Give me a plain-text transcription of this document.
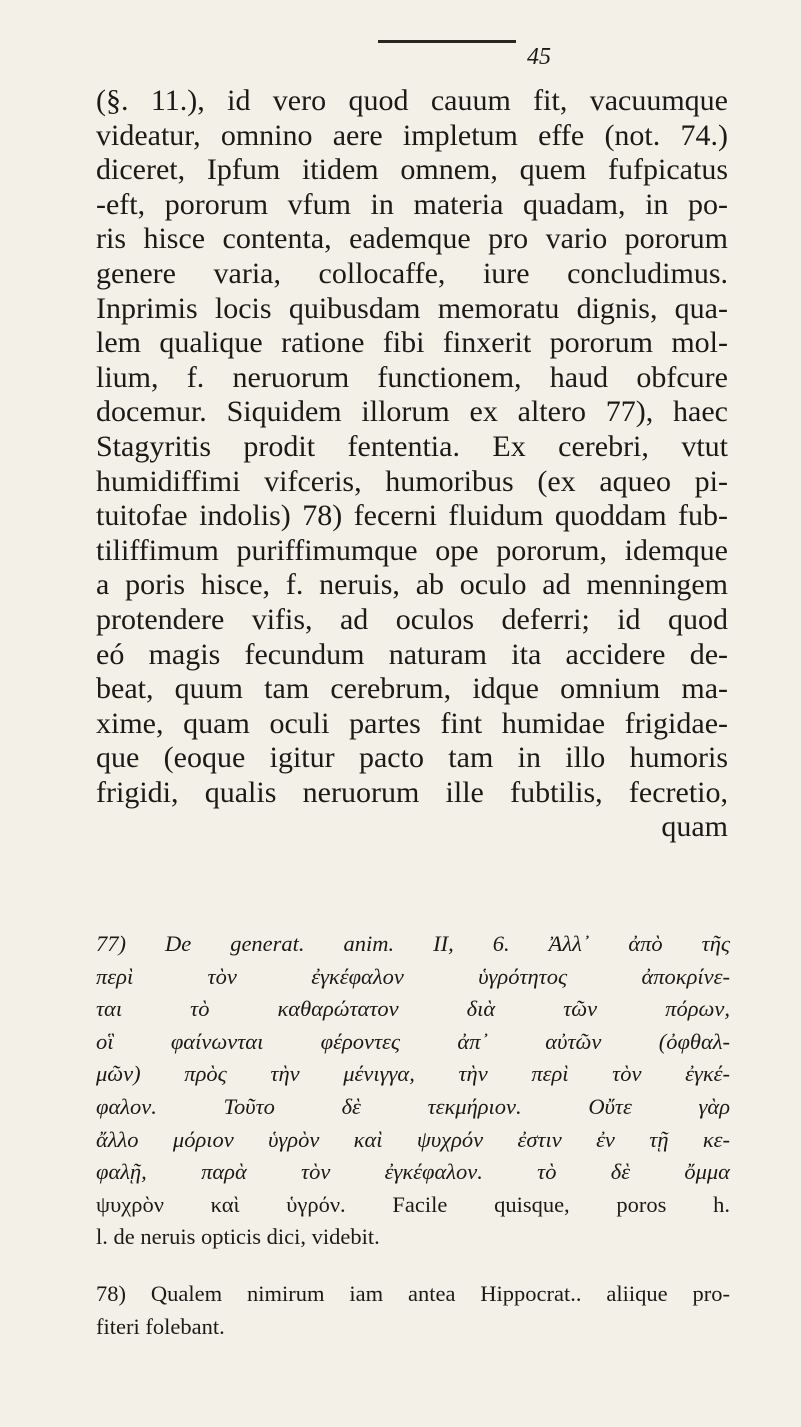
45
(§. 11.), id vero quod cauum fit, vacuumque
videatur, omnino aere impletum effe (not. 74.)
diceret, Ipfum itidem omnem, quem fufpicatus
-eft, pororum vfum in materia quadam, in po-
ris hisce contenta, eademque pro vario pororum
genere varia, collocaffe, iure concludimus.
Inprimis locis quibusdam memoratu dignis, qua-
lem qualique ratione fibi finxerit pororum mol-
lium, f. neruorum functionem, haud obfcure
docemur. Siquidem illorum ex altero 77), haec
Stagyritis prodit fententia. Ex cerebri, vtut
humidiffimi vifceris, humoribus (ex aqueo pi-
tuitofae indolis) 78) fecerni fluidum quoddam fub-
tiliffimum puriffimumque ope pororum, idemque
a poris hisce, f. neruis, ab oculo ad menningem
protendere vifis, ad oculos deferri; id quod
eó magis fecundum naturam ita accidere de-
beat, quum tam cerebrum, idque omnium ma-
xime, quam oculi partes fint humidae frigidae-
que (eoque igitur pacto tam in illo humoris
frigidi, qualis neruorum ille fubtilis, fecretio,
quam
77) De generat. anim. II, 6. Ἀλλ᾽ ἀπὸ τῆς
περὶ τὸν ἐγκέφαλον ὑγρότητος ἀποκρίνε-
ται τὸ καθαρώτατον διὰ τῶν πόρων,
οἳ φαίνωνται φέροντες ἀπ᾽ αὐτῶν (ὀφθαλ-
μῶν) πρὸς τὴν μένιγγα, τὴν περὶ τὸν ἐγκέ-
φαλον. Τοῦτο δὲ τεκμήριον. Οὔτε γὰρ
ἄλλο μόριον ὑγρὸν καὶ ψυχρόν ἐστιν ἐν τῇ κε-
φαλῇ, παρὰ τὸν ἐγκέφαλον. τὸ δὲ ὄμμα
ψυχρὸν καὶ ὑγρόν. Facile quisque, poros h.
l. de neruis opticis dici, videbit.
78) Qualem nimirum iam antea Hippocrat.. aliique pro-
fiteri folebant.
